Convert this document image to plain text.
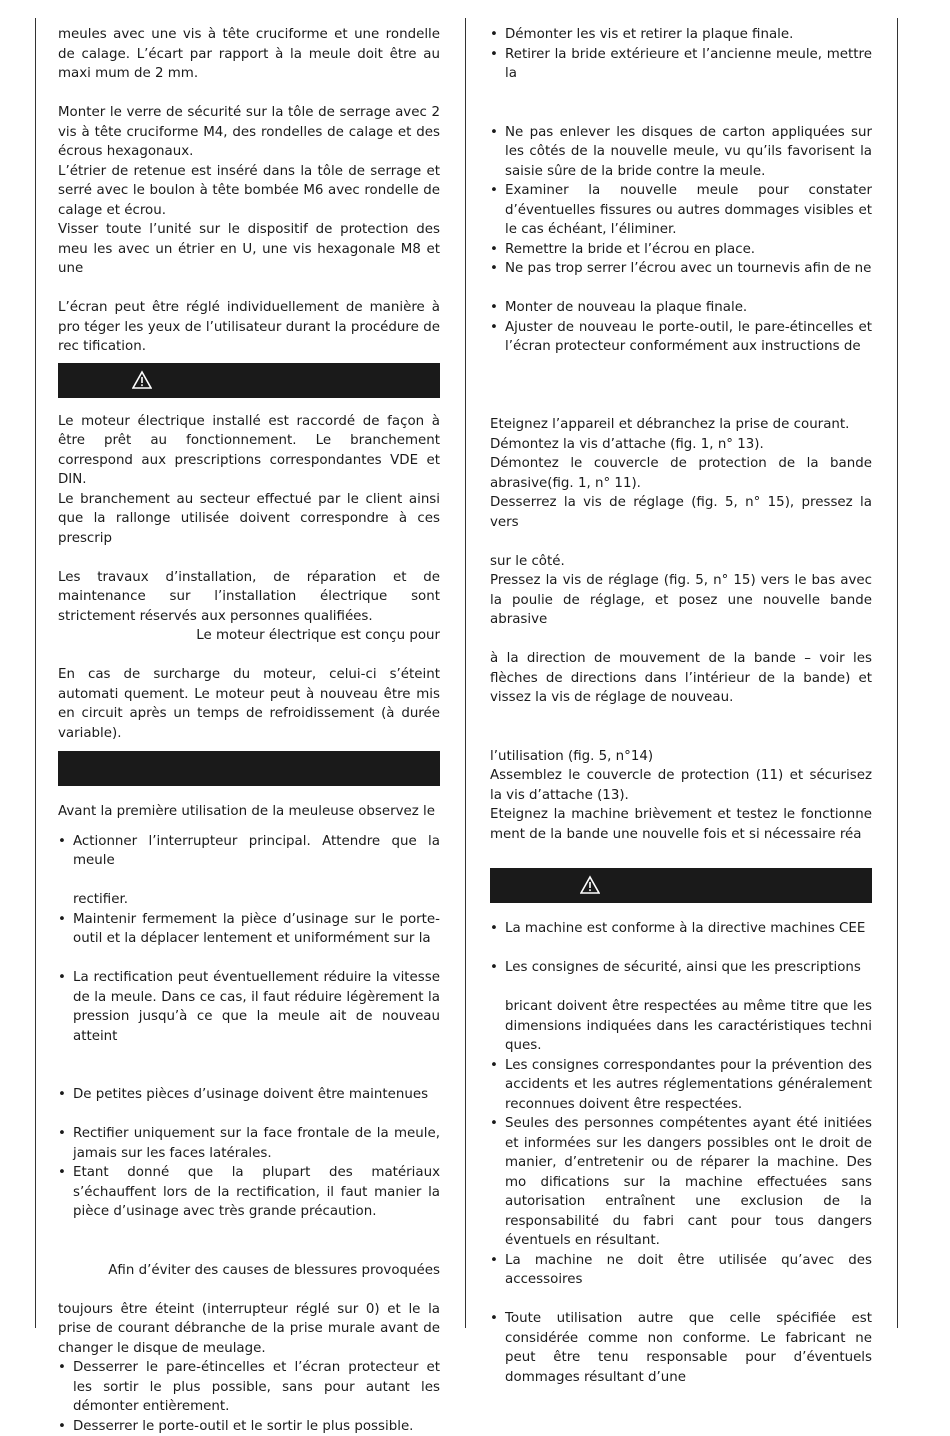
meules avec une vis à tête cruciforme et une rondelle de calage. L’écart par rapport à la meule doit être au maxi mum de 2 mm.

Monter le verre de sécurité sur la tôle de serrage avec 2 vis à tête cruciforme M4, des rondelles de calage et des écrous hexagonaux.

L’étrier de retenue est inséré dans la tôle de serrage et serré avec le boulon à tête bombée M6 avec rondelle de calage et écrou.

Visser toute l’unité sur le dispositif de protection des meu les avec un étrier en U, une vis hexagonale M8 et une

L’écran peut être réglé individuellement de manière à pro téger les yeux de l’utilisateur durant la procédure de rec tification.

Le moteur électrique installé est raccordé de façon à être prêt au fonctionnement. Le branchement correspond aux prescriptions correspondantes VDE et DIN.

Le branchement au secteur effectué par le client ainsi que la rallonge utilisée doivent correspondre à ces prescrip

Les travaux d’installation, de réparation et de maintenance sur l’installation électrique sont strictement réservés aux personnes qualifiées.

Le moteur électrique est conçu pour

En cas de surcharge du moteur, celui-ci s’éteint automati quement. Le moteur peut à nouveau être mis en circuit après un temps de refroidissement (à durée variable).

Avant la première utilisation de la meuleuse observez le

• Actionner l’interrupteur principal. Attendre que la meule

rectifier.

• Maintenir fermement la pièce d’usinage sur le porte-outil et la déplacer lentement et uniformément sur la

• La rectification peut éventuellement réduire la vitesse de la meule. Dans ce cas, il faut réduire légèrement la pression jusqu’à ce que la meule ait de nouveau atteint

• De petites pièces d’usinage doivent être maintenues

• Rectifier uniquement sur la face frontale de la meule, jamais sur les faces latérales.

• Etant donné que la plupart des matériaux s’échauffent lors de la rectification, il faut manier la pièce d’usinage avec très grande précaution.

Afin d’éviter des causes de blessures provoquées

toujours être éteint (interrupteur réglé sur 0) et le la prise de courant débranche de la prise murale avant de changer le disque de meulage.

• Desserrer le pare-étincelles et l’écran protecteur et les sortir le plus possible, sans pour autant les démonter entièrement.

• Desserrer le porte-outil et le sortir le plus possible.

• Démonter les vis et retirer la plaque finale.

• Retirer la bride extérieure et l’ancienne meule, mettre la

• Ne pas enlever les disques de carton appliquées sur les côtés de la nouvelle meule, vu qu’ils favorisent la saisie sûre de la bride contre la meule.

• Examiner la nouvelle meule pour constater d’éventuelles fissures ou autres dommages visibles et le cas échéant, l’éliminer.

• Remettre la bride et l’écrou en place.

• Ne pas trop serrer l’écrou avec un tournevis afin de ne

• Monter de nouveau la plaque finale.

• Ajuster de nouveau le porte-outil, le pare-étincelles et l’écran protecteur conformément aux instructions de

Eteignez l’appareil et débranchez la prise de courant.

Démontez la vis d’attache (fig. 1, n° 13).

Démontez le couvercle de protection de la bande abrasive(fig. 1, n° 11).

Desserrez la vis de réglage (fig. 5, n° 15), pressez la vers

sur le côté.

Pressez la vis de réglage (fig. 5, n° 15) vers le bas avec la poulie de réglage, et posez une nouvelle bande abrasive

à la direction de mouvement de la bande – voir les flèches de directions dans l’intérieur de la bande) et vissez la vis de réglage de nouveau.

l’utilisation (fig. 5, n°14)

Assemblez le couvercle de protection (11) et sécurisez la vis d’attache (13).

Eteignez la machine brièvement et testez le fonctionne ment de la bande une nouvelle fois et si nécessaire réa

• La machine est conforme à la directive machines CEE

• Les consignes de sécurité, ainsi que les prescriptions

bricant doivent être respectées au même titre que les dimensions indiquées dans les caractéristiques techni ques.

• Les consignes correspondantes pour la prévention des accidents et les autres réglementations généralement reconnues doivent être respectées.

• Seules des personnes compétentes ayant été initiées et informées sur les dangers possibles ont le droit de manier, d’entretenir ou de réparer la machine. Des mo difications sur la machine effectuées sans autorisation entraînent une exclusion de la responsabilité du fabri cant pour tous dangers éventuels en résultant.

• La machine ne doit être utilisée qu’avec des accessoires

• Toute utilisation autre que celle spécifiée est considérée comme non conforme. Le fabricant ne peut être tenu responsable pour d’éventuels dommages résultant d’une
